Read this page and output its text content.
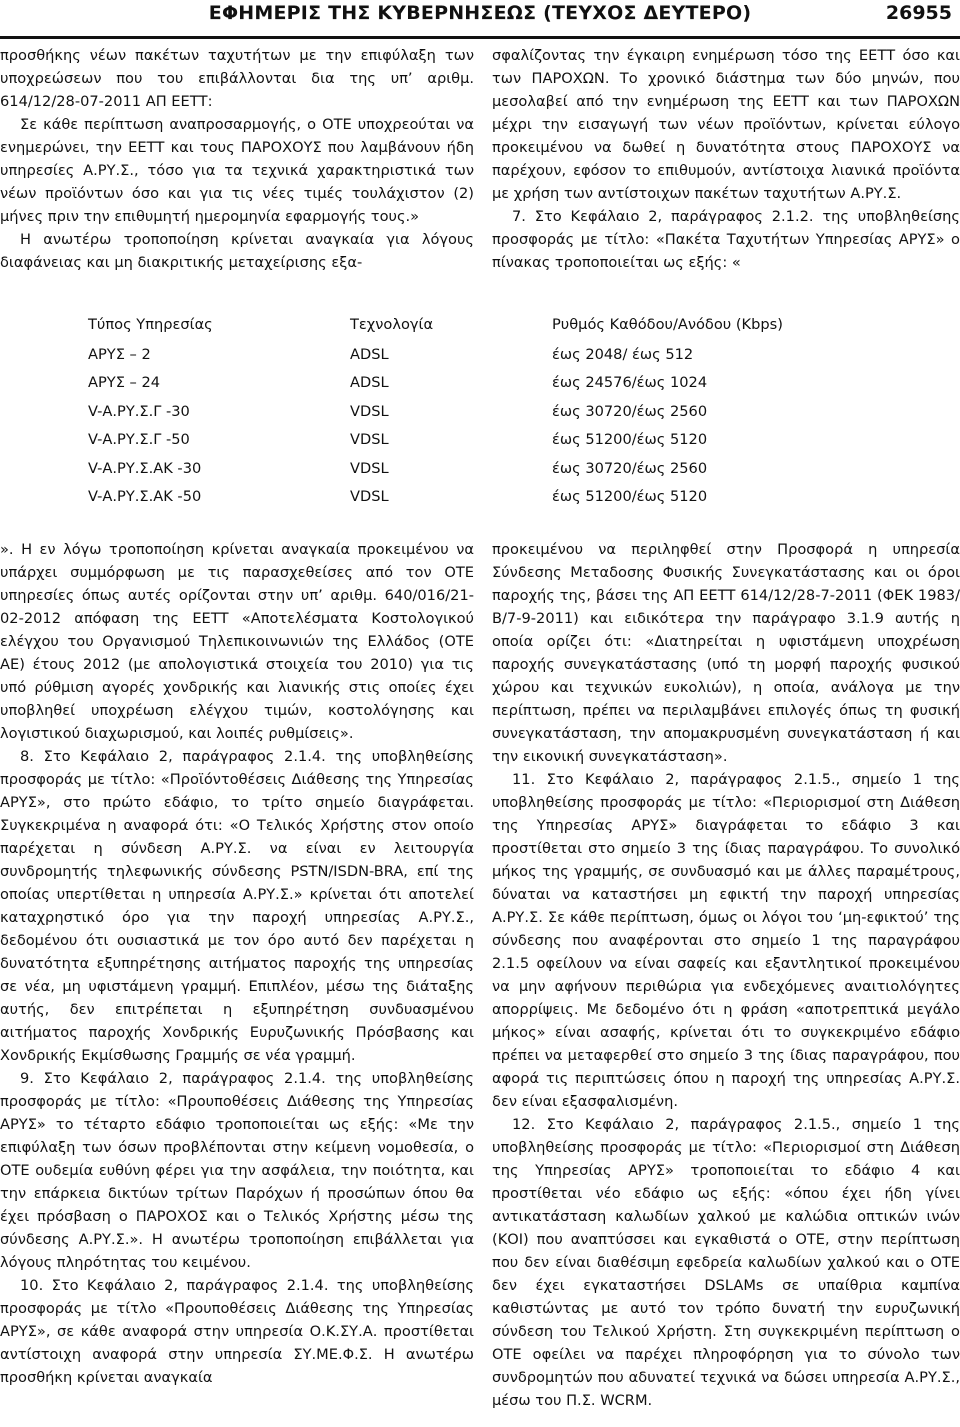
ΕΦΗΜΕΡΙΣ ΤΗΣ ΚΥΒΕΡΝΗΣΕΩΣ (ΤΕΥΧΟΣ ΔΕΥΤΕΡΟ)	26955

προσθήκης νέων πακέτων ταχυτήτων με την επιφύλαξη των υποχρεώσεων που του επιβάλλονται δια της υπ’ αριθμ. 614/12/28-07-2011 ΑΠ ΕΕΤΤ:

Σε κάθε περίπτωση αναπροσαρμογής, ο ΟΤΕ υποχρεούται να ενημερώνει, την ΕΕΤΤ και τους ΠΑΡΟΧΟΥΣ που λαμβάνουν ήδη υπηρεσίες Α.ΡΥ.Σ., τόσο για τα τεχνικά χαρακτηριστικά των νέων προϊόντων όσο και για τις νέες τιμές τουλάχιστον (2) μήνες πριν την επιθυμητή ημερομηνία εφαρμογής τους.»

Η ανωτέρω τροποποίηση κρίνεται αναγκαία για λόγους διαφάνειας και μη διακριτικής μεταχείρισης εξα-

σφαλίζοντας την έγκαιρη ενημέρωση τόσο της ΕΕΤΤ όσο και των ΠΑΡΟΧΩΝ. Το χρονικό διάστημα των δύο μηνών, που μεσολαβεί από την ενημέρωση της ΕΕΤΤ και των ΠΑΡΟΧΩΝ μέχρι την εισαγωγή των νέων προϊόντων, κρίνεται εύλογο προκειμένου να δωθεί η δυνατότητα στους ΠΑΡΟΧΟΥΣ να παρέχουν, εφόσον το επιθυμούν, αντίστοιχα λιανικά προϊόντα με χρήση των αντίστοιχων πακέτων ταχυτήτων Α.ΡΥ.Σ.

7. Στο Κεφάλαιο 2, παράγραφος 2.1.2. της υποβληθείσης προσφοράς με τίτλο: «Πακέτα Ταχυτήτων Υπηρεσίας ΑΡΥΣ» ο πίνακας τροποποιείται ως εξής: «

Τύπος Υπηρεσίας	Τεχνολογία	Ρυθμός Καθόδου/Ανόδου (Kbps)
ΑΡΥΣ – 2	ADSL	έως 2048/ έως 512
ΑΡΥΣ – 24	ADSL	έως 24576/έως 1024
V-Α.ΡΥ.Σ.Γ -30	VDSL	έως 30720/έως 2560
V-Α.ΡΥ.Σ.Γ -50	VDSL	έως 51200/έως 5120
V-Α.ΡΥ.Σ.ΑΚ -30	VDSL	έως 30720/έως 2560
V-Α.ΡΥ.Σ.ΑΚ -50	VDSL	έως 51200/έως 5120

». Η εν λόγω τροποποίηση κρίνεται αναγκαία προκειμένου να υπάρχει συμμόρφωση με τις παρασχεθείσες από τον ΟΤΕ υπηρεσίες όπως αυτές ορίζονται στην υπ’ αριθμ. 640/016/21-02-2012 απόφαση της ΕΕΤΤ «Αποτελέσματα Κοστολογικού ελέγχου του Οργανισμού Τηλεπικοινωνιών της Ελλάδος (ΟΤΕ ΑΕ) έτους 2012 (με απολογιστικά στοιχεία του 2010) για τις υπό ρύθμιση αγορές χονδρικής και λιανικής στις οποίες έχει υποβληθεί υποχρέωση ελέγχου τιμών, κοστολόγησης και λογιστικού διαχωρισμού, και λοιπές ρυθμίσεις».

8. Στο Κεφάλαιο 2, παράγραφος 2.1.4. της υποβληθείσης προσφοράς με τίτλο: «Προϊόντοθέσεις Διάθεσης της Υπηρεσίας ΑΡΥΣ», στο πρώτο εδάφιο, το τρίτο σημείο διαγράφεται. Συγκεκριμένα η αναφορά ότι: «Ο Τελικός Χρήστης στον οποίο παρέχεται η σύνδεση Α.ΡΥ.Σ. να είναι εν λειτουργία συνδρομητής τηλεφωνικής σύνδεσης PSTN/ISDN-BRA, επί της οποίας υπερτίθεται η υπηρεσία Α.ΡΥ.Σ.» κρίνεται ότι αποτελεί καταχρηστικό όρο για την παροχή υπηρεσίας Α.ΡΥ.Σ., δεδομένου ότι ουσιαστικά με τον όρο αυτό δεν παρέχεται η δυνατότητα εξυπηρέτησης αιτήματος παροχής της υπηρεσίας σε νέα, μη υφιστάμενη γραμμή. Επιπλέον, μέσω της διάταξης αυτής, δεν επιτρέπεται η εξυπηρέτηση συνδυασμένου αιτήματος παροχής Χονδρικής Ευρυζωνικής Πρόσβασης και Χονδρικής Εκμίσθωσης Γραμμής σε νέα γραμμή.

9. Στο Κεφάλαιο 2, παράγραφος 2.1.4. της υποβληθείσης προσφοράς με τίτλο: «Προυποθέσεις Διάθεσης της Υπηρεσίας ΑΡΥΣ» το τέταρτο εδάφιο τροποποιείται ως εξής: «Με την επιφύλαξη των όσων προβλέπονται στην κείμενη νομοθεσία, ο ΟΤΕ ουδεμία ευθύνη φέρει για την ασφάλεια, την ποιότητα, και την επάρκεια δικτύων τρίτων Παρόχων ή προσώπων όπου θα έχει πρόσβαση ο ΠΑΡΟΧΟΣ και ο Τελικός Χρήστης μέσω της σύνδεσης Α.ΡΥ.Σ.». Η ανωτέρω τροποποίηση επιβάλλεται για λόγους πληρότητας του κειμένου.

10. Στο Κεφάλαιο 2, παράγραφος 2.1.4. της υποβληθείσης προσφοράς με τίτλο «Προυποθέσεις Διάθεσης της Υπηρεσίας ΑΡΥΣ», σε κάθε αναφορά στην υπηρεσία Ο.Κ.ΣΥ.Α. προστίθεται αντίστοιχη αναφορά στην υπηρεσία ΣΥ.ΜΕ.Φ.Σ. Η ανωτέρω προσθήκη κρίνεται αναγκαία

προκειμένου να περιληφθεί στην Προσφορά η υπηρεσία Σύνδεσης Μεταδοσης Φυσικής Συνεγκατάστασης και οι όροι παροχής της, βάσει της ΑΠ ΕΕΤΤ 614/12/28-7-2011 (ΦΕΚ 1983/Β/7-9-2011) και ειδικότερα την παράγραφο 3.1.9 αυτής η οποία ορίζει ότι: «Διατηρείται η υφιστάμενη υποχρέωση παροχής συνεγκατάστασης (υπό τη μορφή παροχής φυσικού χώρου και τεχνικών ευκολιών), η οποία, ανάλογα με την περίπτωση, πρέπει να περιλαμβάνει επιλογές όπως τη φυσική συνεγκατάσταση, την απομακρυσμένη συνεγκατάσταση ή και την εικονική συνεγκατάσταση».

11. Στο Κεφάλαιο 2, παράγραφος 2.1.5., σημείο 1 της υποβληθείσης προσφοράς με τίτλο: «Περιορισμοί στη Διάθεση της Υπηρεσίας ΑΡΥΣ» διαγράφεται το εδάφιο 3 και προστίθεται στο σημείο 3 της ίδιας παραγράφου. Το συνολικό μήκος της γραμμής, σε συνδυασμό και με άλλες παραμέτρους, δύναται να καταστήσει μη εφικτή την παροχή υπηρεσίας Α.ΡΥ.Σ. Σε κάθε περίπτωση, όμως οι λόγοι του ‘μη-εφικτού’ της σύνδεσης που αναφέρονται στο σημείο 1 της παραγράφου 2.1.5 οφείλουν να είναι σαφείς και εξαντλητικοί προκειμένου να μην αφήνουν περιθώρια για ενδεχόμενες αναιτιολόγητες απορρίψεις. Με δεδομένο ότι η φράση «αποτρεπτικά μεγάλο μήκος» είναι ασαφής, κρίνεται ότι το συγκεκριμένο εδάφιο πρέπει να μεταφερθεί στο σημείο 3 της ίδιας παραγράφου, που αφορά τις περιπτώσεις όπου η παροχή της υπηρεσίας Α.ΡΥ.Σ. δεν είναι εξασφαλισμένη.

12. Στο Κεφάλαιο 2, παράγραφος 2.1.5., σημείο 1 της υποβληθείσης προσφοράς με τίτλο: «Περιορισμοί στη Διάθεση της Υπηρεσίας ΑΡΥΣ» τροποποιείται το εδάφιο 4 και προστίθεται νέο εδάφιο ως εξής: «όπου έχει ήδη γίνει αντικατάσταση καλωδίων χαλκού με καλώδια οπτικών ινών (ΚΟΙ) που αναπτύσσει και εγκαθιστά ο ΟΤΕ, στην περίπτωση που δεν είναι διαθέσιμη εφεδρεία καλωδίων χαλκού και ο ΟΤΕ δεν έχει εγκαταστήσει DSLAMs σε υπαίθρια καμπίνα καθιστώντας με αυτό τον τρόπο δυνατή την ευρυζωνική σύνδεση του Τελικού Χρήστη. Στη συγκεκριμένη περίπτωση ο ΟΤΕ οφείλει να παρέχει πληροφόρηση για το σύνολο των συνδρομητών που αδυνατεί τεχνικά να δώσει υπηρεσία Α.ΡΥ.Σ., μέσω του Π.Σ. WCRM.
